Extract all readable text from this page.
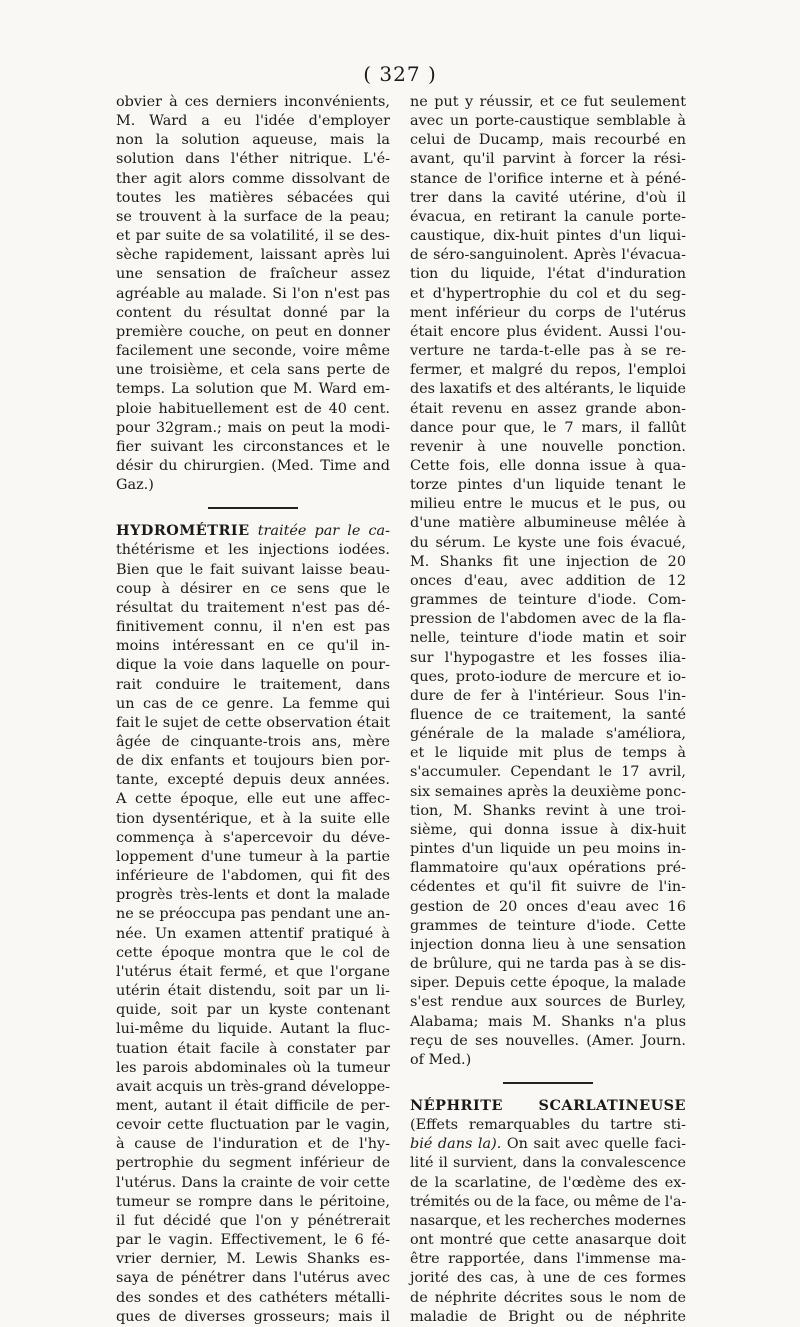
( 327 )
obvier à ces derniers inconvénients,
M. Ward a eu l'idée d'employer
non la solution aqueuse, mais la
solution dans l'éther nitrique. L'é-
ther agit alors comme dissolvant de
toutes les matières sébacées qui
se trouvent à la surface de la peau;
et par suite de sa volatilité, il se des-
sèche rapidement, laissant après lui
une sensation de fraîcheur assez
agréable au malade. Si l'on n'est pas
content du résultat donné par la
première couche, on peut en donner
facilement une seconde, voire même
une troisième, et cela sans perte de
temps. La solution que M. Ward em-
ploie habituellement est de 40 cent.
pour 32gram.; mais on peut la modi-
fier suivant les circonstances et le
désir du chirurgien. (Med. Time and
Gaz.)
HYDROMÉTRIE traitée par le ca-
thétérisme et les injections iodées.
Bien que le fait suivant laisse beau-
coup à désirer en ce sens que le
résultat du traitement n'est pas dé-
finitivement connu, il n'en est pas
moins intéressant en ce qu'il in-
dique la voie dans laquelle on pour-
rait conduire le traitement, dans
un cas de ce genre. La femme qui
fait le sujet de cette observation était
âgée de cinquante-trois ans, mère
de dix enfants et toujours bien por-
tante, excepté depuis deux années.
A cette époque, elle eut une affec-
tion dysentérique, et à la suite elle
commença à s'apercevoir du déve-
loppement d'une tumeur à la partie
inférieure de l'abdomen, qui fit des
progrès très-lents et dont la malade
ne se préoccupa pas pendant une an-
née. Un examen attentif pratiqué à
cette époque montra que le col de
l'utérus était fermé, et que l'organe
utérin était distendu, soit par un li-
quide, soit par un kyste contenant
lui-même du liquide. Autant la fluc-
tuation était facile à constater par
les parois abdominales où la tumeur
avait acquis un très-grand développe-
ment, autant il était difficile de per-
cevoir cette fluctuation par le vagin,
à cause de l'induration et de l'hy-
pertrophie du segment inférieur de
l'utérus. Dans la crainte de voir cette
tumeur se rompre dans le péritoine,
il fut décidé que l'on y pénétrerait
par le vagin. Effectivement, le 6 fé-
vrier dernier, M. Lewis Shanks es-
saya de pénétrer dans l'utérus avec
des sondes et des cathéters métalli-
ques de diverses grosseurs; mais il
ne put y réussir, et ce fut seulement
avec un porte-caustique semblable à
celui de Ducamp, mais recourbé en
avant, qu'il parvint à forcer la rési-
stance de l'orifice interne et à péné-
trer dans la cavité utérine, d'où il
évacua, en retirant la canule porte-
caustique, dix-huit pintes d'un liqui-
de séro-sanguinolent. Après l'évacua-
tion du liquide, l'état d'induration
et d'hypertrophie du col et du seg-
ment inférieur du corps de l'utérus
était encore plus évident. Aussi l'ou-
verture ne tarda-t-elle pas à se re-
fermer, et malgré du repos, l'emploi
des laxatifs et des altérants, le liquide
était revenu en assez grande abon-
dance pour que, le 7 mars, il fallût
revenir à une nouvelle ponction.
Cette fois, elle donna issue à qua-
torze pintes d'un liquide tenant le
milieu entre le mucus et le pus, ou
d'une matière albumineuse mêlée à
du sérum. Le kyste une fois évacué,
M. Shanks fit une injection de 20
onces d'eau, avec addition de 12
grammes de teinture d'iode. Com-
pression de l'abdomen avec de la fla-
nelle, teinture d'iode matin et soir
sur l'hypogastre et les fosses ilia-
ques, proto-iodure de mercure et io-
dure de fer à l'intérieur. Sous l'in-
fluence de ce traitement, la santé
générale de la malade s'améliora,
et le liquide mit plus de temps à
s'accumuler. Cependant le 17 avril,
six semaines après la deuxième ponc-
tion, M. Shanks revint à une troi-
sième, qui donna issue à dix-huit
pintes d'un liquide un peu moins in-
flammatoire qu'aux opérations pré-
cédentes et qu'il fit suivre de l'in-
gestion de 20 onces d'eau avec 16
grammes de teinture d'iode. Cette
injection donna lieu à une sensation
de brûlure, qui ne tarda pas à se dis-
siper. Depuis cette époque, la malade
s'est rendue aux sources de Burley,
Alabama; mais M. Shanks n'a plus
reçu de ses nouvelles. (Amer. Journ.
of Med.)
NÉPHRITE SCARLATINEUSE
(Effets remarquables du tartre sti-
bié dans la). On sait avec quelle faci-
lité il survient, dans la convalescence
de la scarlatine, de l'œdème des ex-
trémités ou de la face, ou même de l'a-
nasarque, et les recherches modernes
ont montré que cette anasarque doit
être rapportée, dans l'immense ma-
jorité des cas, à une de ces formes
de néphrite décrites sous le nom de
maladie de Bright ou de néphrite
